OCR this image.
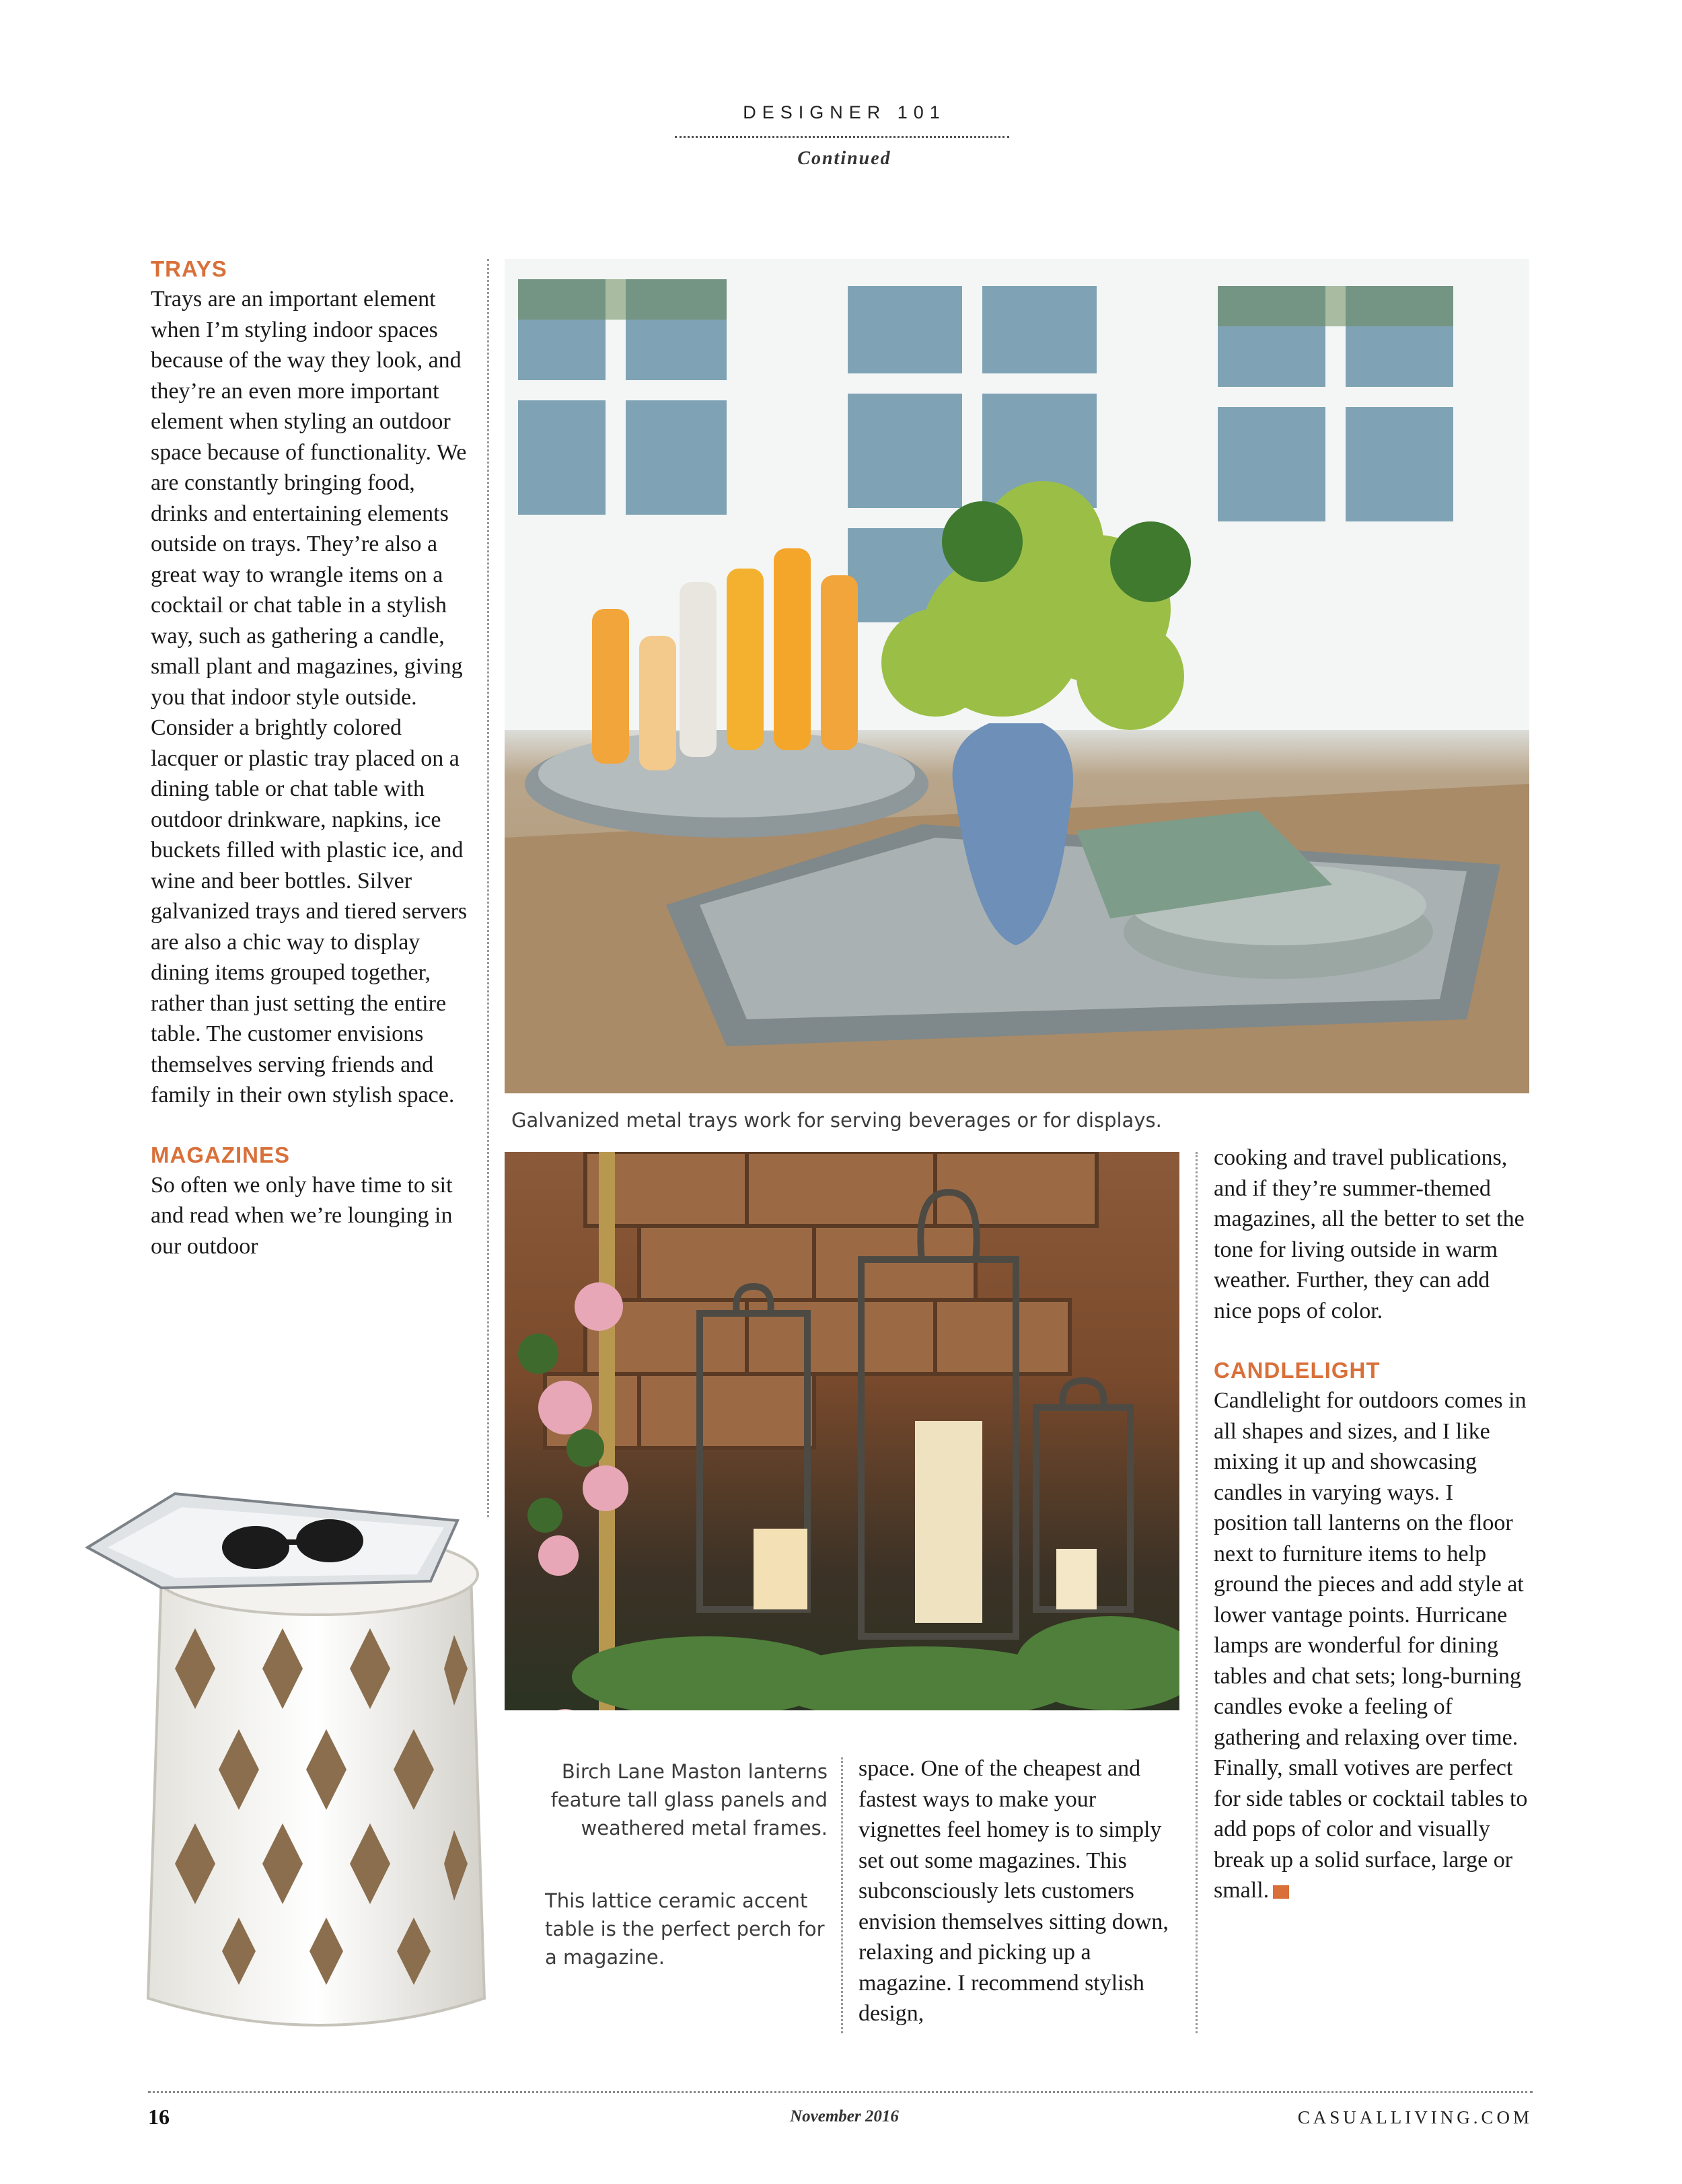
DESIGNER 101
Continued
TRAYS

Trays are an important element when I’m styling indoor spaces because of the way they look, and they’re an even more important element when styling an outdoor space because of functionality. We are constantly bringing food, drinks and entertaining elements outside on trays. They’re also a great way to wrangle items on a cocktail or chat table in a stylish way, such as gathering a candle, small plant and magazines, giving you that indoor style outside. Consider a brightly colored lacquer or plastic tray placed on a dining table or chat table with outdoor drinkware, napkins, ice buckets filled with plastic ice, and wine and beer bottles. Silver galvanized trays and tiered servers are also a chic way to display dining items grouped together, rather than just setting the entire table. The customer envisions themselves serving friends and family in their own stylish space.

MAGAZINES

So often we only have time to sit and read when we’re lounging in our outdoor

Galvanized metal trays work for serving beverages or for displays.
Birch Lane Maston lanterns feature tall glass panels and weathered metal frames.
This lattice ceramic accent table is the perfect perch for a magazine.

space. One of the cheapest and fastest ways to make your vignettes feel homey is to simply set out some magazines. This subconsciously lets customers envision themselves sitting down, relaxing and picking up a magazine. I recommend stylish design,

cooking and travel publications, and if they’re summer-themed magazines, all the better to set the tone for living outside in warm weather. Further, they can add nice pops of color.

CANDLELIGHT

Candlelight for outdoors comes in all shapes and sizes, and I like mixing it up and showcasing candles in varying ways. I position tall lanterns on the floor next to furniture items to help ground the pieces and add style at lower vantage points. Hurricane lamps are wonderful for dining tables and chat sets; long-burning candles evoke a feeling of gathering and relaxing over time. Finally, small votives are perfect for side tables or cocktail tables to add pops of color and visually break up a solid surface, large or small.

16	November 2016	CASUALLIVING.COM
